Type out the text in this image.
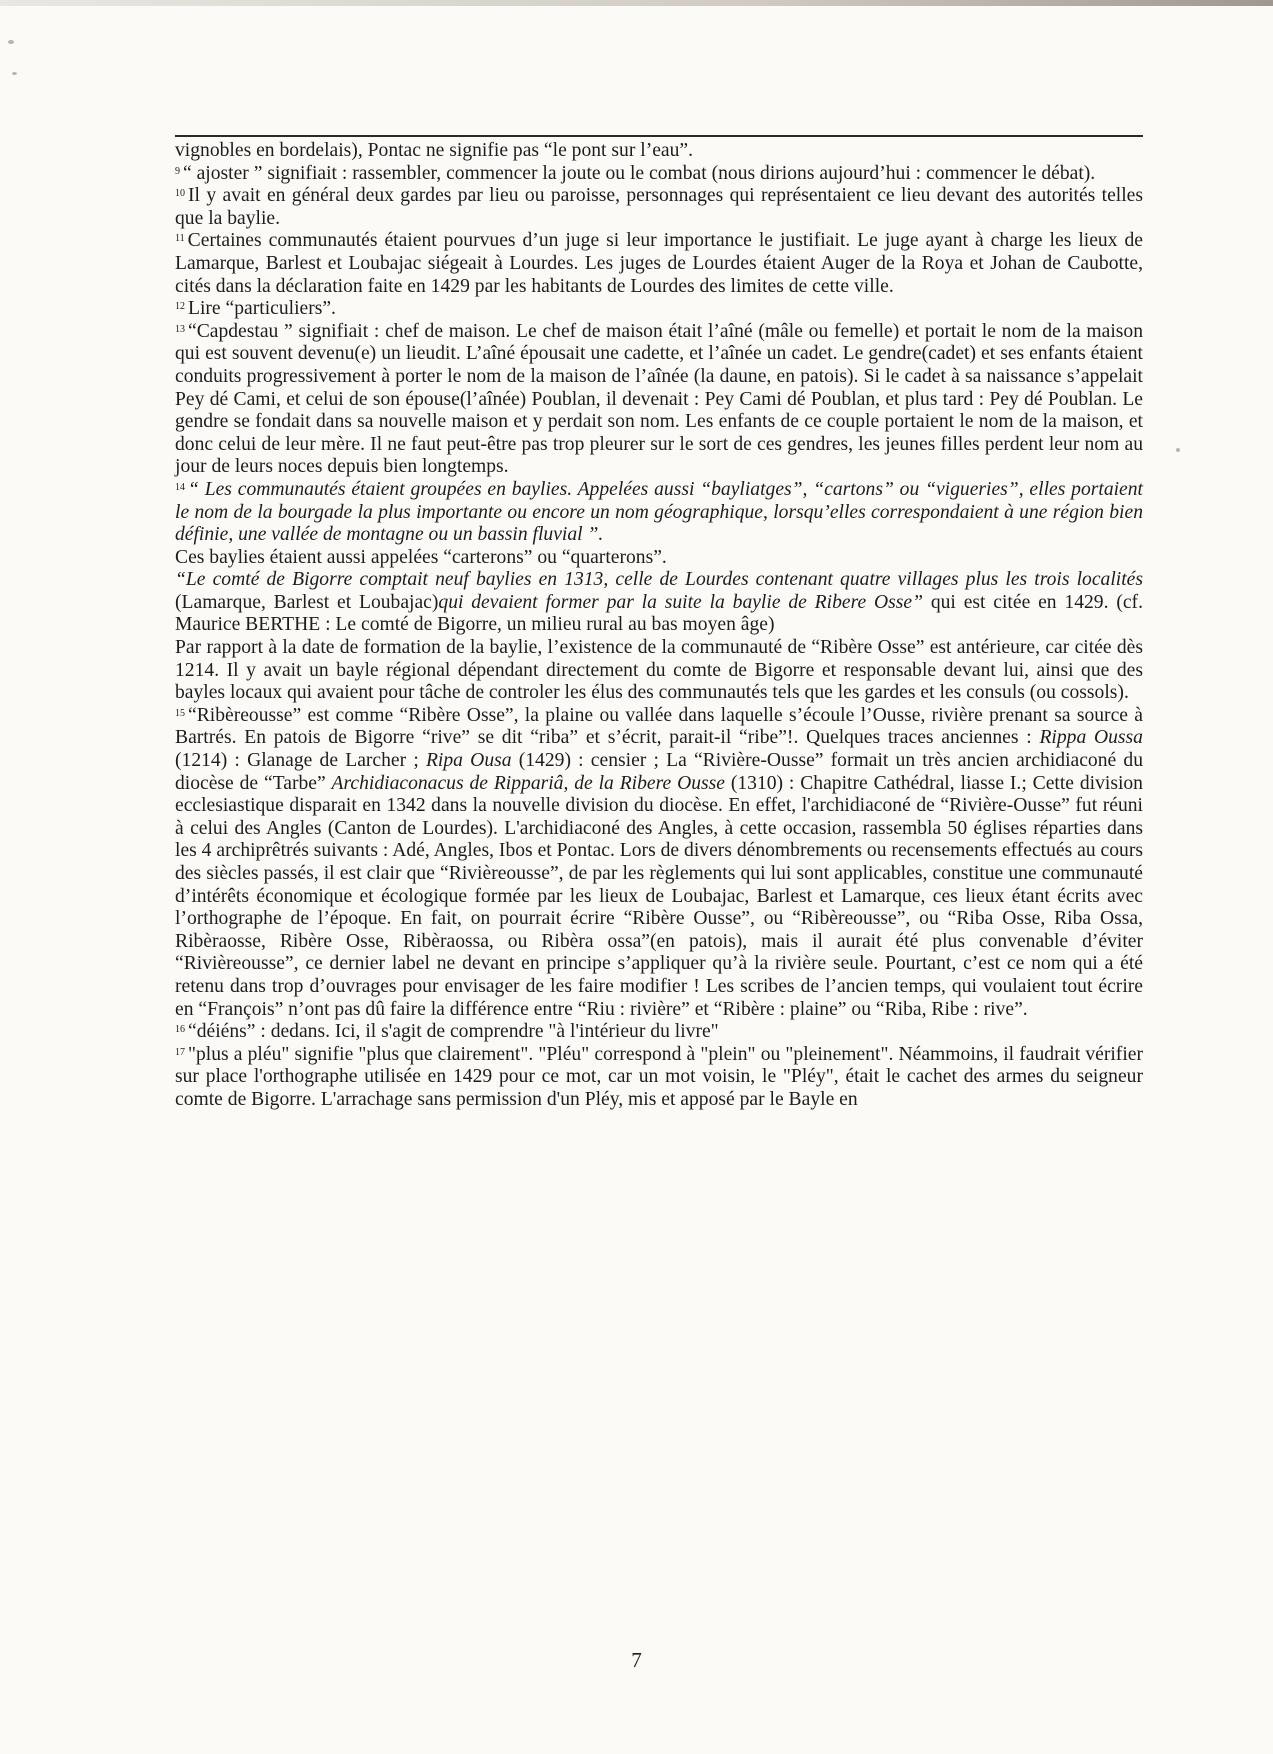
vignobles en bordelais), Pontac ne signifie pas “le pont sur l’eau”.

$^9$ “ ajoster ” signifiait : rassembler, commencer la joute ou le combat (nous dirions aujourd’hui : commencer le débat).

$^{10}$ Il y avait en général deux gardes par lieu ou paroisse, personnages qui représentaient ce lieu devant des autorités telles que la baylie.

$^{11}$ Certaines communautés étaient pourvues d’un juge si leur importance le justifiait. Le juge ayant à charge les lieux de Lamarque, Barlest et Loubajac siégeait à Lourdes. Les juges de Lourdes étaient Auger de la Roya et Johan de Caubotte, cités dans la déclaration faite en 1429 par les habitants de Lourdes des limites de cette ville.

$^{12}$ Lire “particuliers”.

$^{13}$ “Capdestau ” signifiait : chef de maison. Le chef de maison était l’aîné (mâle ou femelle) et portait le nom de la maison qui est souvent devenu(e) un lieudit. L’aîné épousait une cadette, et l’aînée un cadet. Le gendre(cadet) et ses enfants étaient conduits progressivement à porter le nom de la maison de l’aînée (la daune, en patois). Si le cadet à sa naissance s’appelait Pey dé Cami, et celui de son épouse(l’aînée) Poublan, il devenait : Pey Cami dé Poublan, et plus tard : Pey dé Poublan. Le gendre se fondait dans sa nouvelle maison et y perdait son nom. Les enfants de ce couple portaient le nom de la maison, et donc celui de leur mère. Il ne faut peut-être pas trop pleurer sur le sort de ces gendres, les jeunes filles perdent leur nom au jour de leurs noces depuis bien longtemps.

$^{14}$ “ Les communautés étaient groupées en baylies. Appelées aussi “bayliatges”, “cartons” ou “vigueries”, elles portaient le nom de la bourgade la plus importante ou encore un nom géographique, lorsqu’elles correspondaient à une région bien définie, une vallée de montagne ou un bassin fluvial ”.

Ces baylies étaient aussi appelées “carterons” ou “quarterons”.

“Le comté de Bigorre comptait neuf baylies en 1313, celle de Lourdes contenant quatre villages plus les trois localités (Lamarque, Barlest et Loubajac)qui devaient former par la suite la baylie de Ribere Osse” qui est citée en 1429. (cf. Maurice BERTHE : Le comté de Bigorre, un milieu rural au bas moyen âge)

Par rapport à la date de formation de la baylie, l’existence de la communauté de “Ribère Osse” est antérieure, car citée dès 1214. Il y avait un bayle régional dépendant directement du comte de Bigorre et responsable devant lui, ainsi que des bayles locaux qui avaient pour tâche de controler les élus des communautés tels que les gardes et les consuls (ou cossols).

$^{15}$ “Ribèreousse” est comme “Ribère Osse”, la plaine ou vallée dans laquelle s’écoule l’Ousse, rivière prenant sa source à Bartrés. En patois de Bigorre “rive” se dit “riba” et s’écrit, parait-il “ribe”!. Quelques traces anciennes : Rippa Oussa (1214) : Glanage de Larcher ; Ripa Ousa (1429) : censier ; La “Rivière-Ousse” formait un très ancien archidiaconé du diocèse de “Tarbe” Archidiaconacus de Rippariâ, de la Ribere Ousse (1310) : Chapitre Cathédral, liasse I.; Cette division ecclesiastique disparait en 1342 dans la nouvelle division du diocèse. En effet, l'archidiaconé de “Rivière-Ousse” fut réuni à celui des Angles (Canton de Lourdes). L'archidiaconé des Angles, à cette occasion, rassembla 50 églises réparties dans les 4 archiprêtrés suivants : Adé, Angles, Ibos et Pontac. Lors de divers dénombrements ou recensements effectués au cours des siècles passés, il est clair que “Rivièreousse”, de par les règlements qui lui sont applicables, constitue une communauté d’intérêts économique et écologique formée par les lieux de Loubajac, Barlest et Lamarque, ces lieux étant écrits avec l’orthographe de l’époque. En fait, on pourrait écrire “Ribère Ousse”, ou “Ribèreousse”, ou “Riba Osse, Riba Ossa, Ribèraosse, Ribère Osse, Ribèraossa, ou Ribèra ossa”(en patois), mais il aurait été plus convenable d’éviter “Rivièreousse”, ce dernier label ne devant en principe s’appliquer qu’à la rivière seule. Pourtant, c’est ce nom qui a été retenu dans trop d’ouvrages pour envisager de les faire modifier ! Les scribes de l’ancien temps, qui voulaient tout écrire en “François” n’ont pas dû faire la différence entre “Riu : rivière” et “Ribère : plaine” ou “Riba, Ribe : rive”.

$^{16}$ “déiéns” : dedans. Ici, il s'agit de comprendre "à l'intérieur du livre"

$^{17}$ "plus a pléu" signifie "plus que clairement". "Pléu" correspond à "plein" ou "pleinement". Néammoins, il faudrait vérifier sur place l'orthographe utilisée en 1429 pour ce mot, car un mot voisin, le "Pléy", était le cachet des armes du seigneur comte de Bigorre. L'arrachage sans permission d'un Pléy, mis et apposé par le Bayle en

7
